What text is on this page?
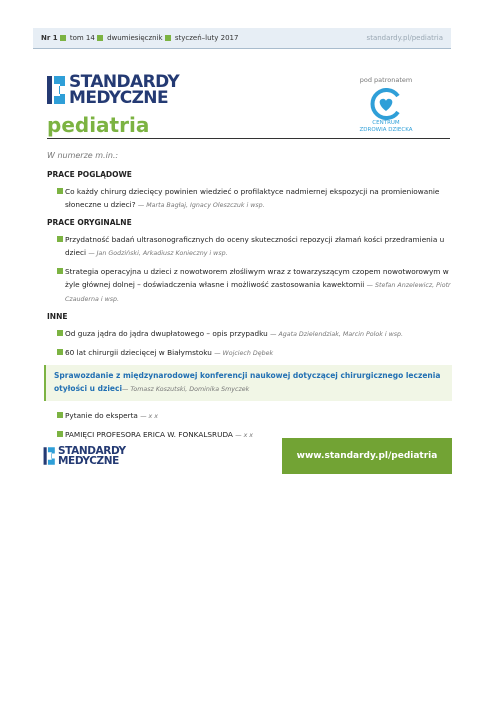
Nr 1 tom 14 dwumiesięcznik styczeń–luty 2017	standardy.pl/pediatria
STANDARDY
MEDYCZNE
pediatria
pod patronatem
CENTRUM
ZDROWIA DZIECKA
W numerze m.in.:
PRACE POGLĄDOWE
Co każdy chirurg dziecięcy powinien wiedzieć o profilaktyce nadmiernej ekspozycji na promieniowanie słoneczne u dzieci? — Marta Bagłaj, Ignacy Oleszczuk i wsp.
PRACE ORYGINALNE
Przydatność badań ultrasonograficznych do oceny skuteczności repozycji złamań kości przedramienia u dzieci — Jan Godziński, Arkadiusz Konieczny i wsp.
Strategia operacyjna u dzieci z nowotworem złośliwym wraz z towarzyszącym czopem nowotworowym w żyle głównej dolnej – doświadczenia własne i możliwość zastosowania kawektomii — Stefan Anzelewicz, Piotr Czauderna i wsp.
INNE
Od guza jądra do jądra dwupłatowego – opis przypadku — Agata Dzielendziak, Marcin Polok i wsp.
60 lat chirurgii dziecięcej w Białymstoku — Wojciech Dębek
Sprawozdanie z międzynarodowej konferencji naukowej dotyczącej chirurgicznego leczenia otyłości u dzieci— Tomasz Koszutski, Dominika Smyczek
Pytanie do eksperta — x x
PAMIĘCI PROFESORA ERICA W. FONKALSRUDA — x x
STANDARDY
MEDYCZNE	www.standardy.pl/pediatria
